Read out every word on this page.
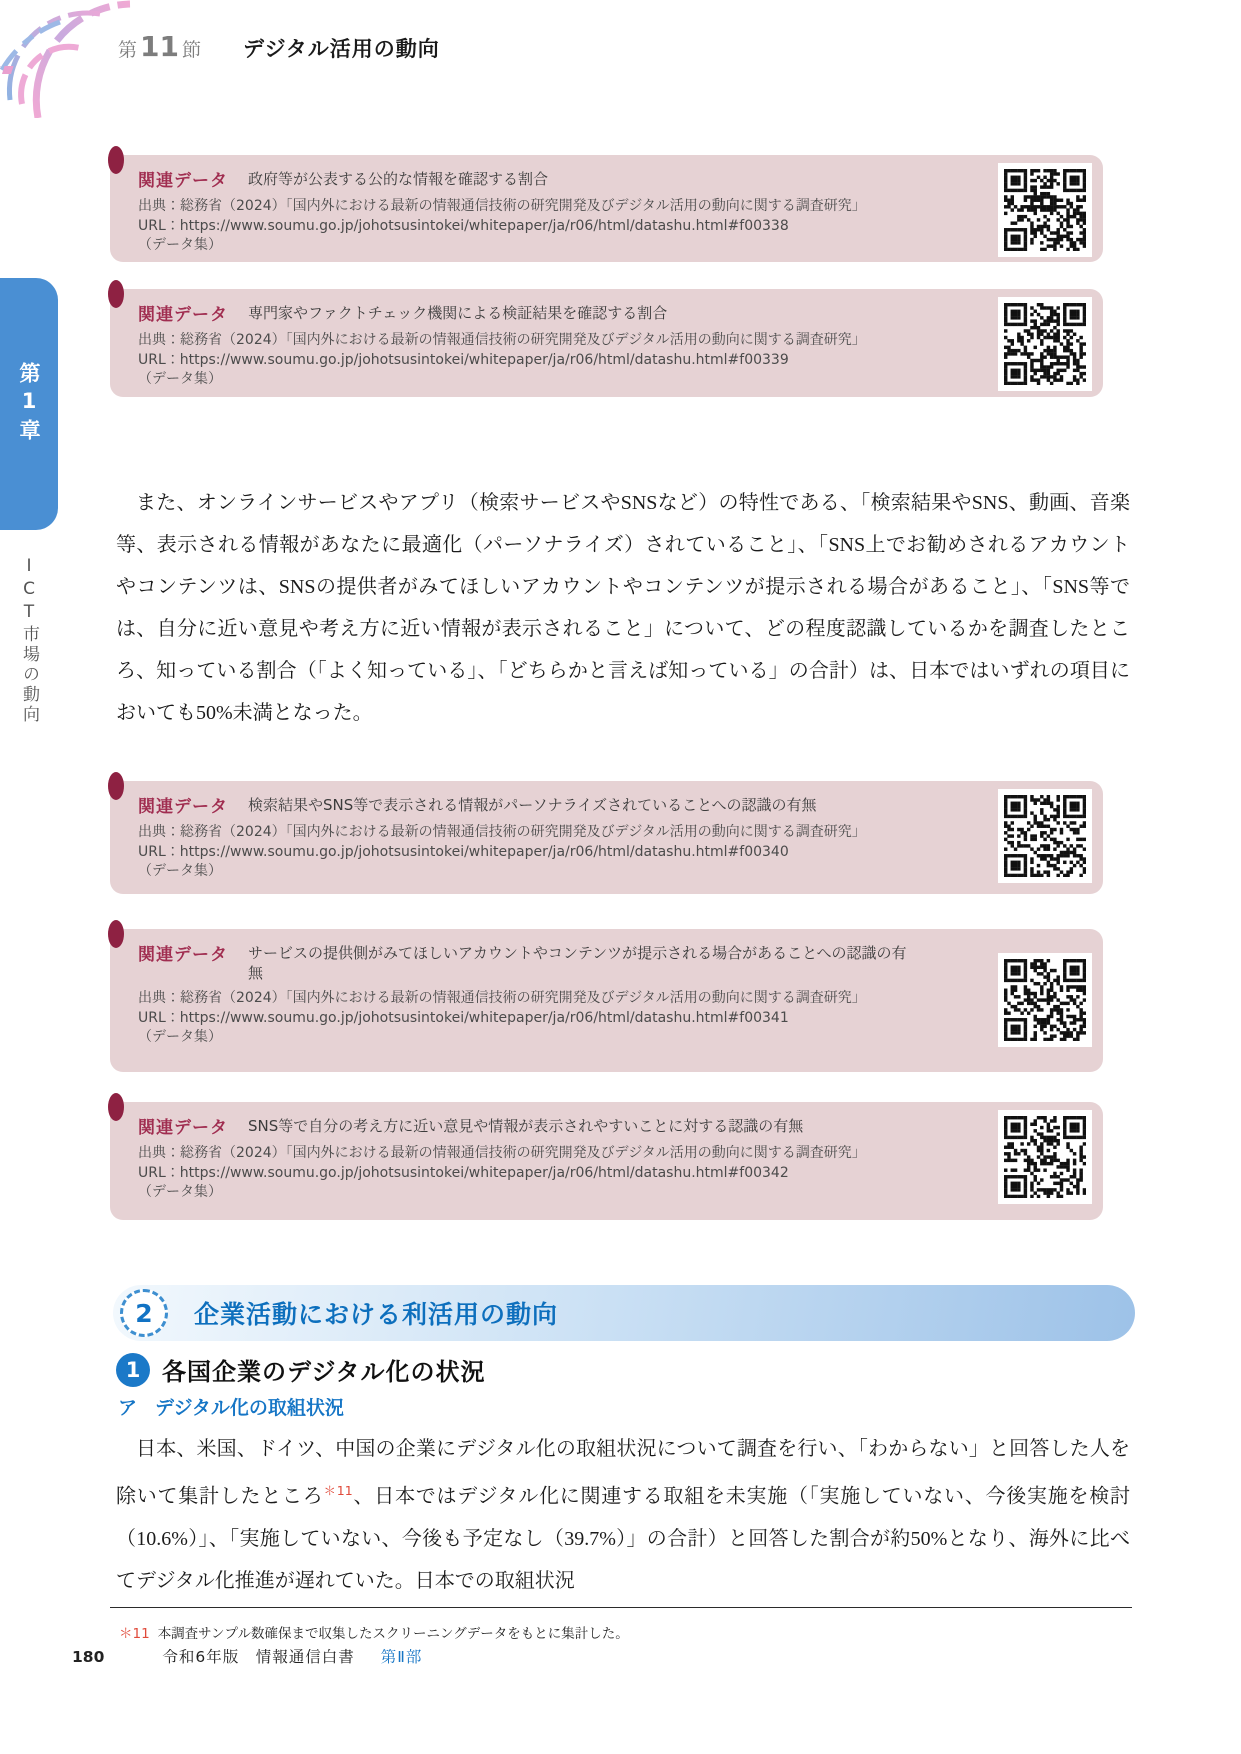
第 11 節 デジタル活用の動向
第1章
ICT市場の動向
関連データ 政府等が公表する公的な情報を確認する割合
出典：総務省（2024）「国内外における最新の情報通信技術の研究開発及びデジタル活用の動向に関する調査研究」
URL：https://www.soumu.go.jp/johotsusintokei/whitepaper/ja/r06/html/datashu.html#f00338
（データ集）
関連データ 専門家やファクトチェック機関による検証結果を確認する割合
出典：総務省（2024）「国内外における最新の情報通信技術の研究開発及びデジタル活用の動向に関する調査研究」
URL：https://www.soumu.go.jp/johotsusintokei/whitepaper/ja/r06/html/datashu.html#f00339
（データ集）
また、オンラインサービスやアプリ（検索サービスやSNSなど）の特性である、「検索結果やSNS、動画、音楽等、表示される情報があなたに最適化（パーソナライズ）されていること」、「SNS上でお勧めされるアカウントやコンテンツは、SNSの提供者がみてほしいアカウントやコンテンツが提示される場合があること」、「SNS等では、自分に近い意見や考え方に近い情報が表示されること」について、どの程度認識しているかを調査したところ、知っている割合（「よく知っている」、「どちらかと言えば知っている」の合計）は、日本ではいずれの項目においても50%未満となった。
関連データ 検索結果やSNS等で表示される情報がパーソナライズされていることへの認識の有無
出典：総務省（2024）「国内外における最新の情報通信技術の研究開発及びデジタル活用の動向に関する調査研究」
URL：https://www.soumu.go.jp/johotsusintokei/whitepaper/ja/r06/html/datashu.html#f00340
（データ集）
関連データ サービスの提供側がみてほしいアカウントやコンテンツが提示される場合があることへの認識の有無
出典：総務省（2024）「国内外における最新の情報通信技術の研究開発及びデジタル活用の動向に関する調査研究」
URL：https://www.soumu.go.jp/johotsusintokei/whitepaper/ja/r06/html/datashu.html#f00341
（データ集）
関連データ SNS等で自分の考え方に近い意見や情報が表示されやすいことに対する認識の有無
出典：総務省（2024）「国内外における最新の情報通信技術の研究開発及びデジタル活用の動向に関する調査研究」
URL：https://www.soumu.go.jp/johotsusintokei/whitepaper/ja/r06/html/datashu.html#f00342
（データ集）
2	企業活動における利活用の動向
1 各国企業のデジタル化の状況
ア デジタル化の取組状況
日本、米国、ドイツ、中国の企業にデジタル化の取組状況について調査を行い、「わからない」と回答した人を除いて集計したところ$^{*11}$、日本ではデジタル化に関連する取組を未実施（「実施していない、今後実施を検討（10.6%）」、「実施していない、今後も予定なし（39.7%）」の合計）と回答した割合が約50%となり、海外に比べてデジタル化推進が遅れていた。日本での取組状況
＊11 本調査サンプル数確保まで収集したスクリーニングデータをもとに集計した。
180	令和6年版　情報通信白書 第Ⅱ部
